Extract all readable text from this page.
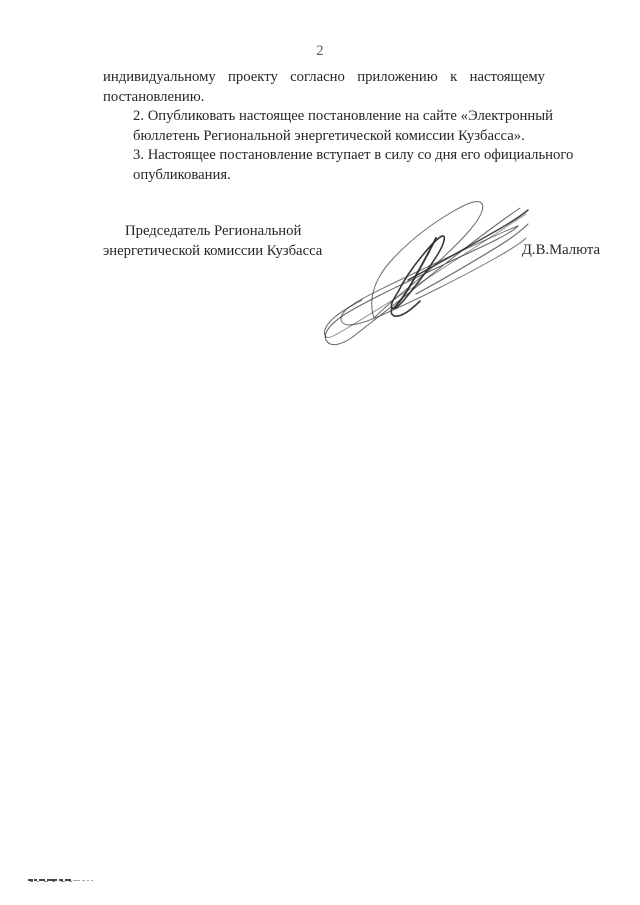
2

индивидуальному проекту согласно приложению к настоящему
постановлению.

2. Опубликовать настоящее постановление на сайте «Электронный
бюллетень Региональной энергетической комиссии Кузбасса».

3. Настоящее постановление вступает в силу со дня его официального
опубликования.

Председатель Региональной
энергетической комиссии Кузбасса	Д.В.Малюта
